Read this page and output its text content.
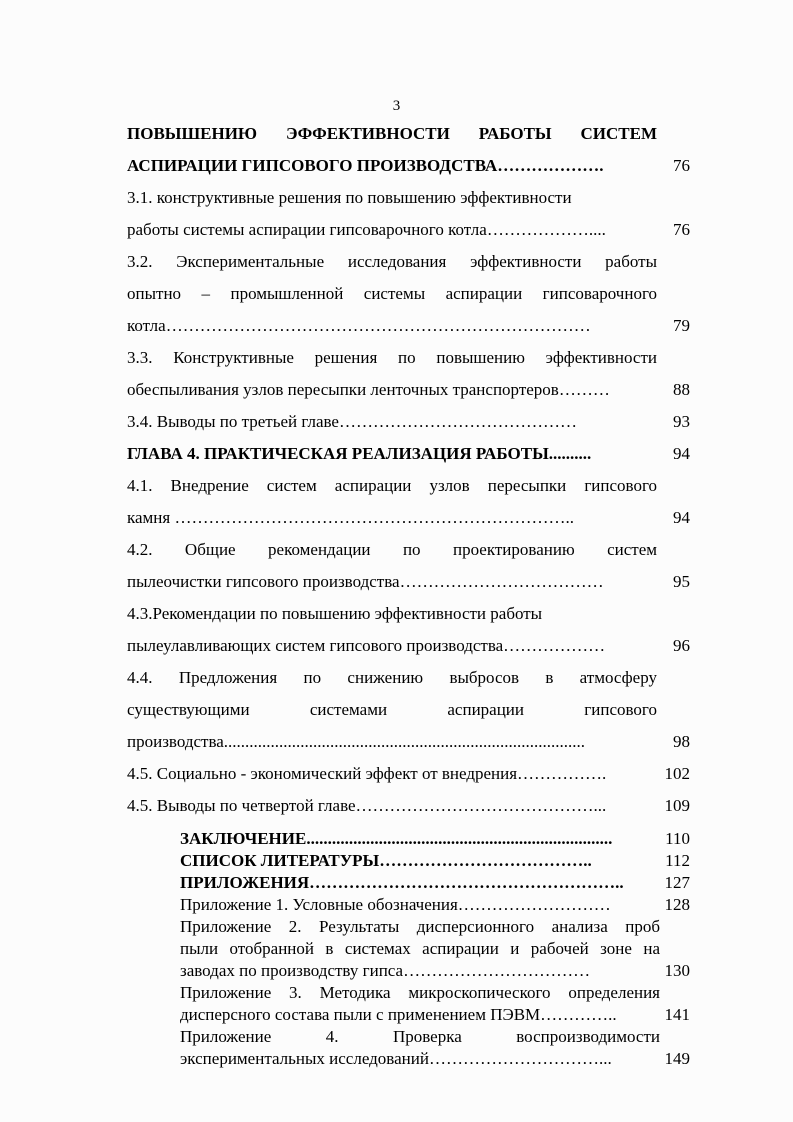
3
ПОВЫШЕНИЮ ЭФФЕКТИВНОСТИ РАБОТЫ СИСТЕМ
АСПИРАЦИИ ГИПСОВОГО ПРОИЗВОДСТВА……………….	76
3.1. конструктивные решения по повышению эффективности
работы системы аспирации гипсоварочного котла………………....	76
3.2. Экспериментальные исследования эффективности работы
опытно – промышленной системы аспирации гипсоварочного
котла…………………………………………………………………	79
3.3. Конструктивные решения по повышению эффективности
обеспыливания узлов пересыпки ленточных транспортеров………	88
3.4. Выводы по третьей главе……………………………………	93
ГЛАВА 4. ПРАКТИЧЕСКАЯ РЕАЛИЗАЦИЯ РАБОТЫ..........	94
4.1. Внедрение систем аспирации узлов пересыпки гипсового
камня ……………………………………………………………..	94
4.2. Общие рекомендации по проектированию систем
пылеочистки гипсового производства………………………………	95
4.3.Рекомендации по повышению эффективности работы
пылеулавливающих систем гипсового производства………………	96
4.4. Предложения по снижению выбросов в атмосферу
существующими системами аспирации гипсового
производства.....................................................................................	98
4.5. Социально - экономический эффект от внедрения…………….	102
4.5. Выводы по четвертой главе……………………………………...	109
ЗАКЛЮЧЕНИЕ........................................................................	110
СПИСОК ЛИТЕРАТУРЫ………………………………..	112
ПРИЛОЖЕНИЯ………………………………………………..	127
Приложение 1. Условные обозначения………………………	128
Приложение 2. Результаты дисперсионного анализа проб
пыли отобранной в системах аспирации и рабочей зоне на
заводах по производству гипса……………………………	130
Приложение 3. Методика микроскопического определения
дисперсного состава пыли с применением ПЭВМ…………..	141
Приложение 4. Проверка воспроизводимости
экспериментальных исследований…………………………...	149
